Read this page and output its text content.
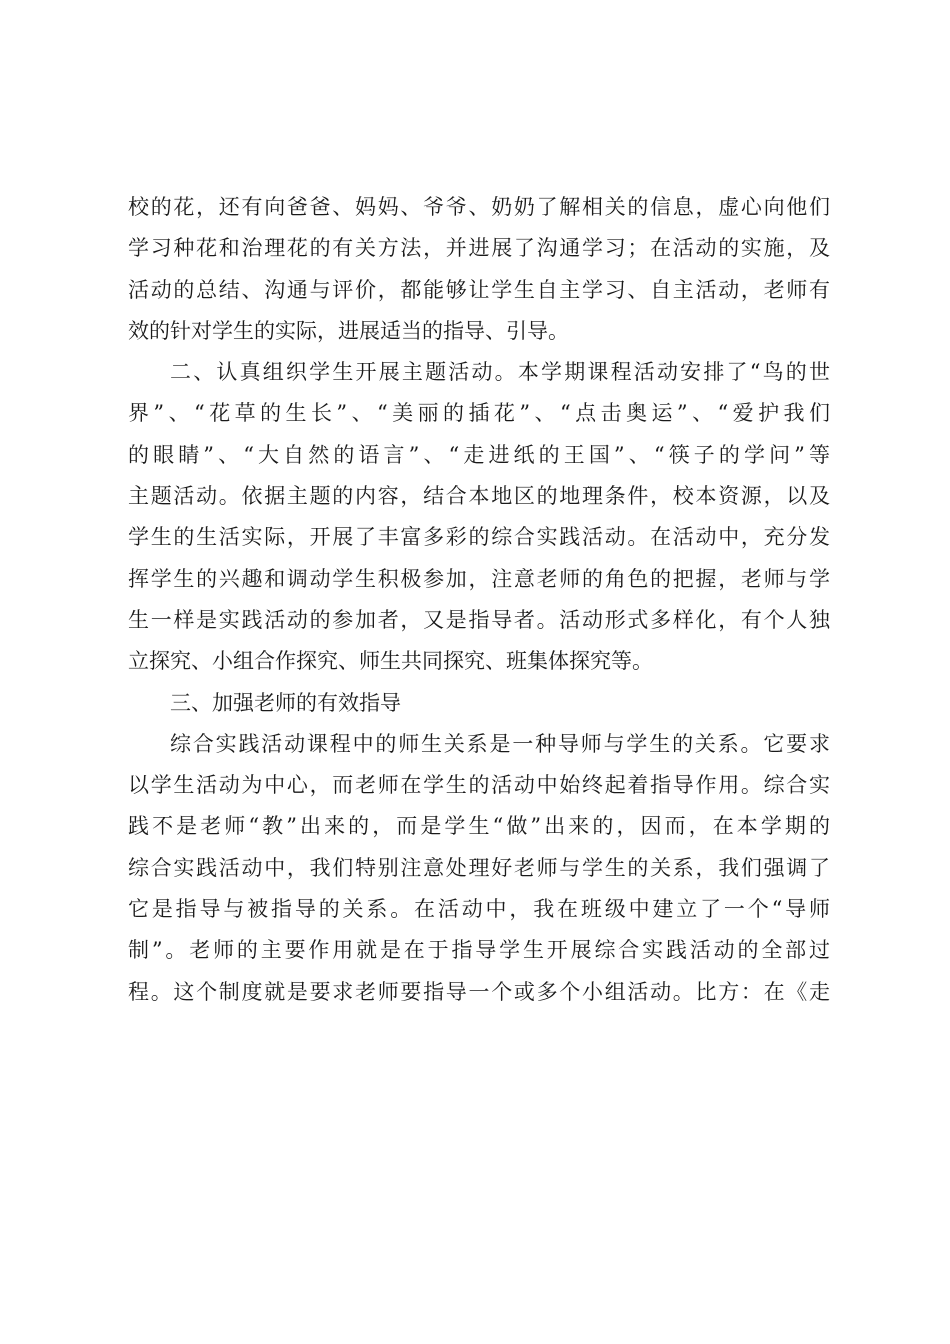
校的花，还有向爸爸、妈妈、爷爷、奶奶了解相关的信息，虚心向他们
学习种花和治理花的有关方法，并进展了沟通学习；在活动的实施，及
活动的总结、沟通与评价，都能够让学生自主学习、自主活动，老师有
效的针对学生的实际，进展适当的指导、引导。
二、认真组织学生开展主题活动。本学期课程活动安排了“鸟的世
界”、“花草的生长”、“美丽的插花”、“点击奥运”、“爱护我们
的眼睛”、“大自然的语言”、“走进纸的王国”、“筷子的学问”等
主题活动。依据主题的内容，结合本地区的地理条件，校本资源，以及
学生的生活实际，开展了丰富多彩的综合实践活动。在活动中，充分发
挥学生的兴趣和调动学生积极参加，注意老师的角色的把握，老师与学
生一样是实践活动的参加者，又是指导者。活动形式多样化，有个人独
立探究、小组合作探究、师生共同探究、班集体探究等。
三、加强老师的有效指导
综合实践活动课程中的师生关系是一种导师与学生的关系。它要求
以学生活动为中心，而老师在学生的活动中始终起着指导作用。综合实
践不是老师“教”出来的，而是学生“做”出来的，因而，在本学期的
综合实践活动中，我们特别注意处理好老师与学生的关系，我们强调了
它是指导与被指导的关系。在活动中，我在班级中建立了一个“导师
制”。老师的主要作用就是在于指导学生开展综合实践活动的全部过
程。这个制度就是要求老师要指导一个或多个小组活动。比方：在《走
